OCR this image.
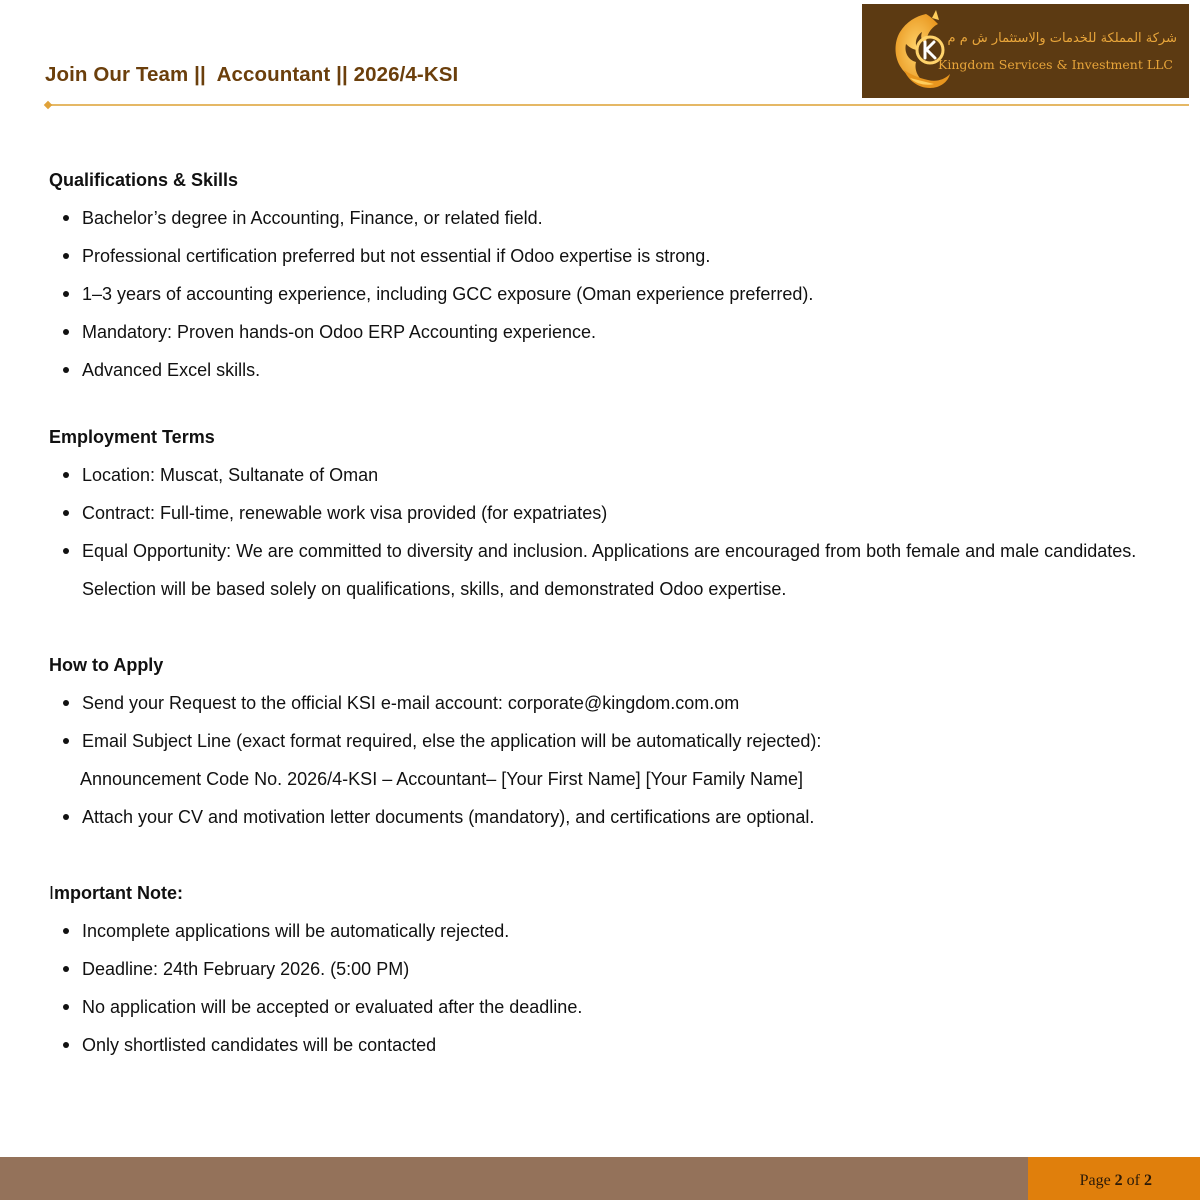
Join Our Team ||  Accountant || 2026/4-KSI
شركة المملكة للخدمات والاستثمار ش م م
Kingdom Services & Investment LLC
Qualifications & Skills
Bachelor’s degree in Accounting, Finance, or related field.
Professional certification preferred but not essential if Odoo expertise is strong.
1–3 years of accounting experience, including GCC exposure (Oman experience preferred).
Mandatory: Proven hands-on Odoo ERP Accounting experience.
Advanced Excel skills.
Employment Terms
Location: Muscat, Sultanate of Oman
Contract: Full-time, renewable work visa provided (for expatriates)
Equal Opportunity: We are committed to diversity and inclusion. Applications are encouraged from both female and male candidates. Selection will be based solely on qualifications, skills, and demonstrated Odoo expertise.
How to Apply
Send your Request to the official KSI e-mail account: corporate@kingdom.com.om
Email Subject Line (exact format required, else the application will be automatically rejected):
Announcement Code No. 2026/4-KSI – Accountant– [Your First Name] [Your Family Name]
Attach your CV and motivation letter documents (mandatory), and certifications are optional.
Important Note:
Incomplete applications will be automatically rejected.
Deadline: 24th February 2026. (5:00 PM)
No application will be accepted or evaluated after the deadline.
Only shortlisted candidates will be contacted
Page 2 of 2
